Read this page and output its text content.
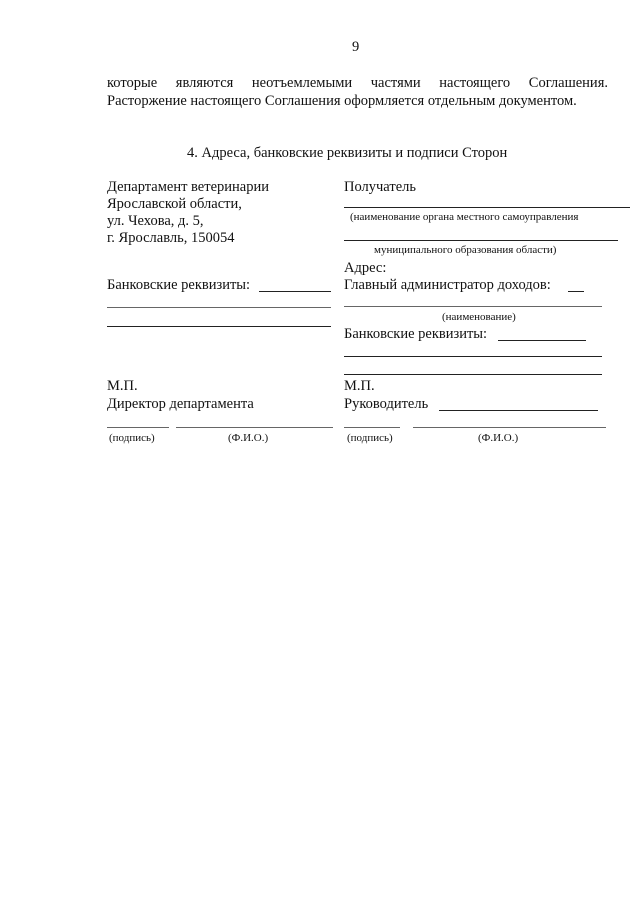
9
которые являются неотъемлемыми частями настоящего Соглашения.
Расторжение настоящего Соглашения оформляется отдельным документом.
4. Адреса, банковские реквизиты и подписи Сторон
Департамент ветеринарии
Ярославской области,
ул. Чехова, д. 5,
г. Ярославль, 150054
Банковские реквизиты:
М.П.
Директор департамента
(подпись)	(Ф.И.О.)
Получатель
(наименование органа местного самоуправления
муниципального образования области)
Адрес:
Главный администратор доходов:
(наименование)
Банковские реквизиты:
М.П.
Руководитель
(подпись)	(Ф.И.О.)
